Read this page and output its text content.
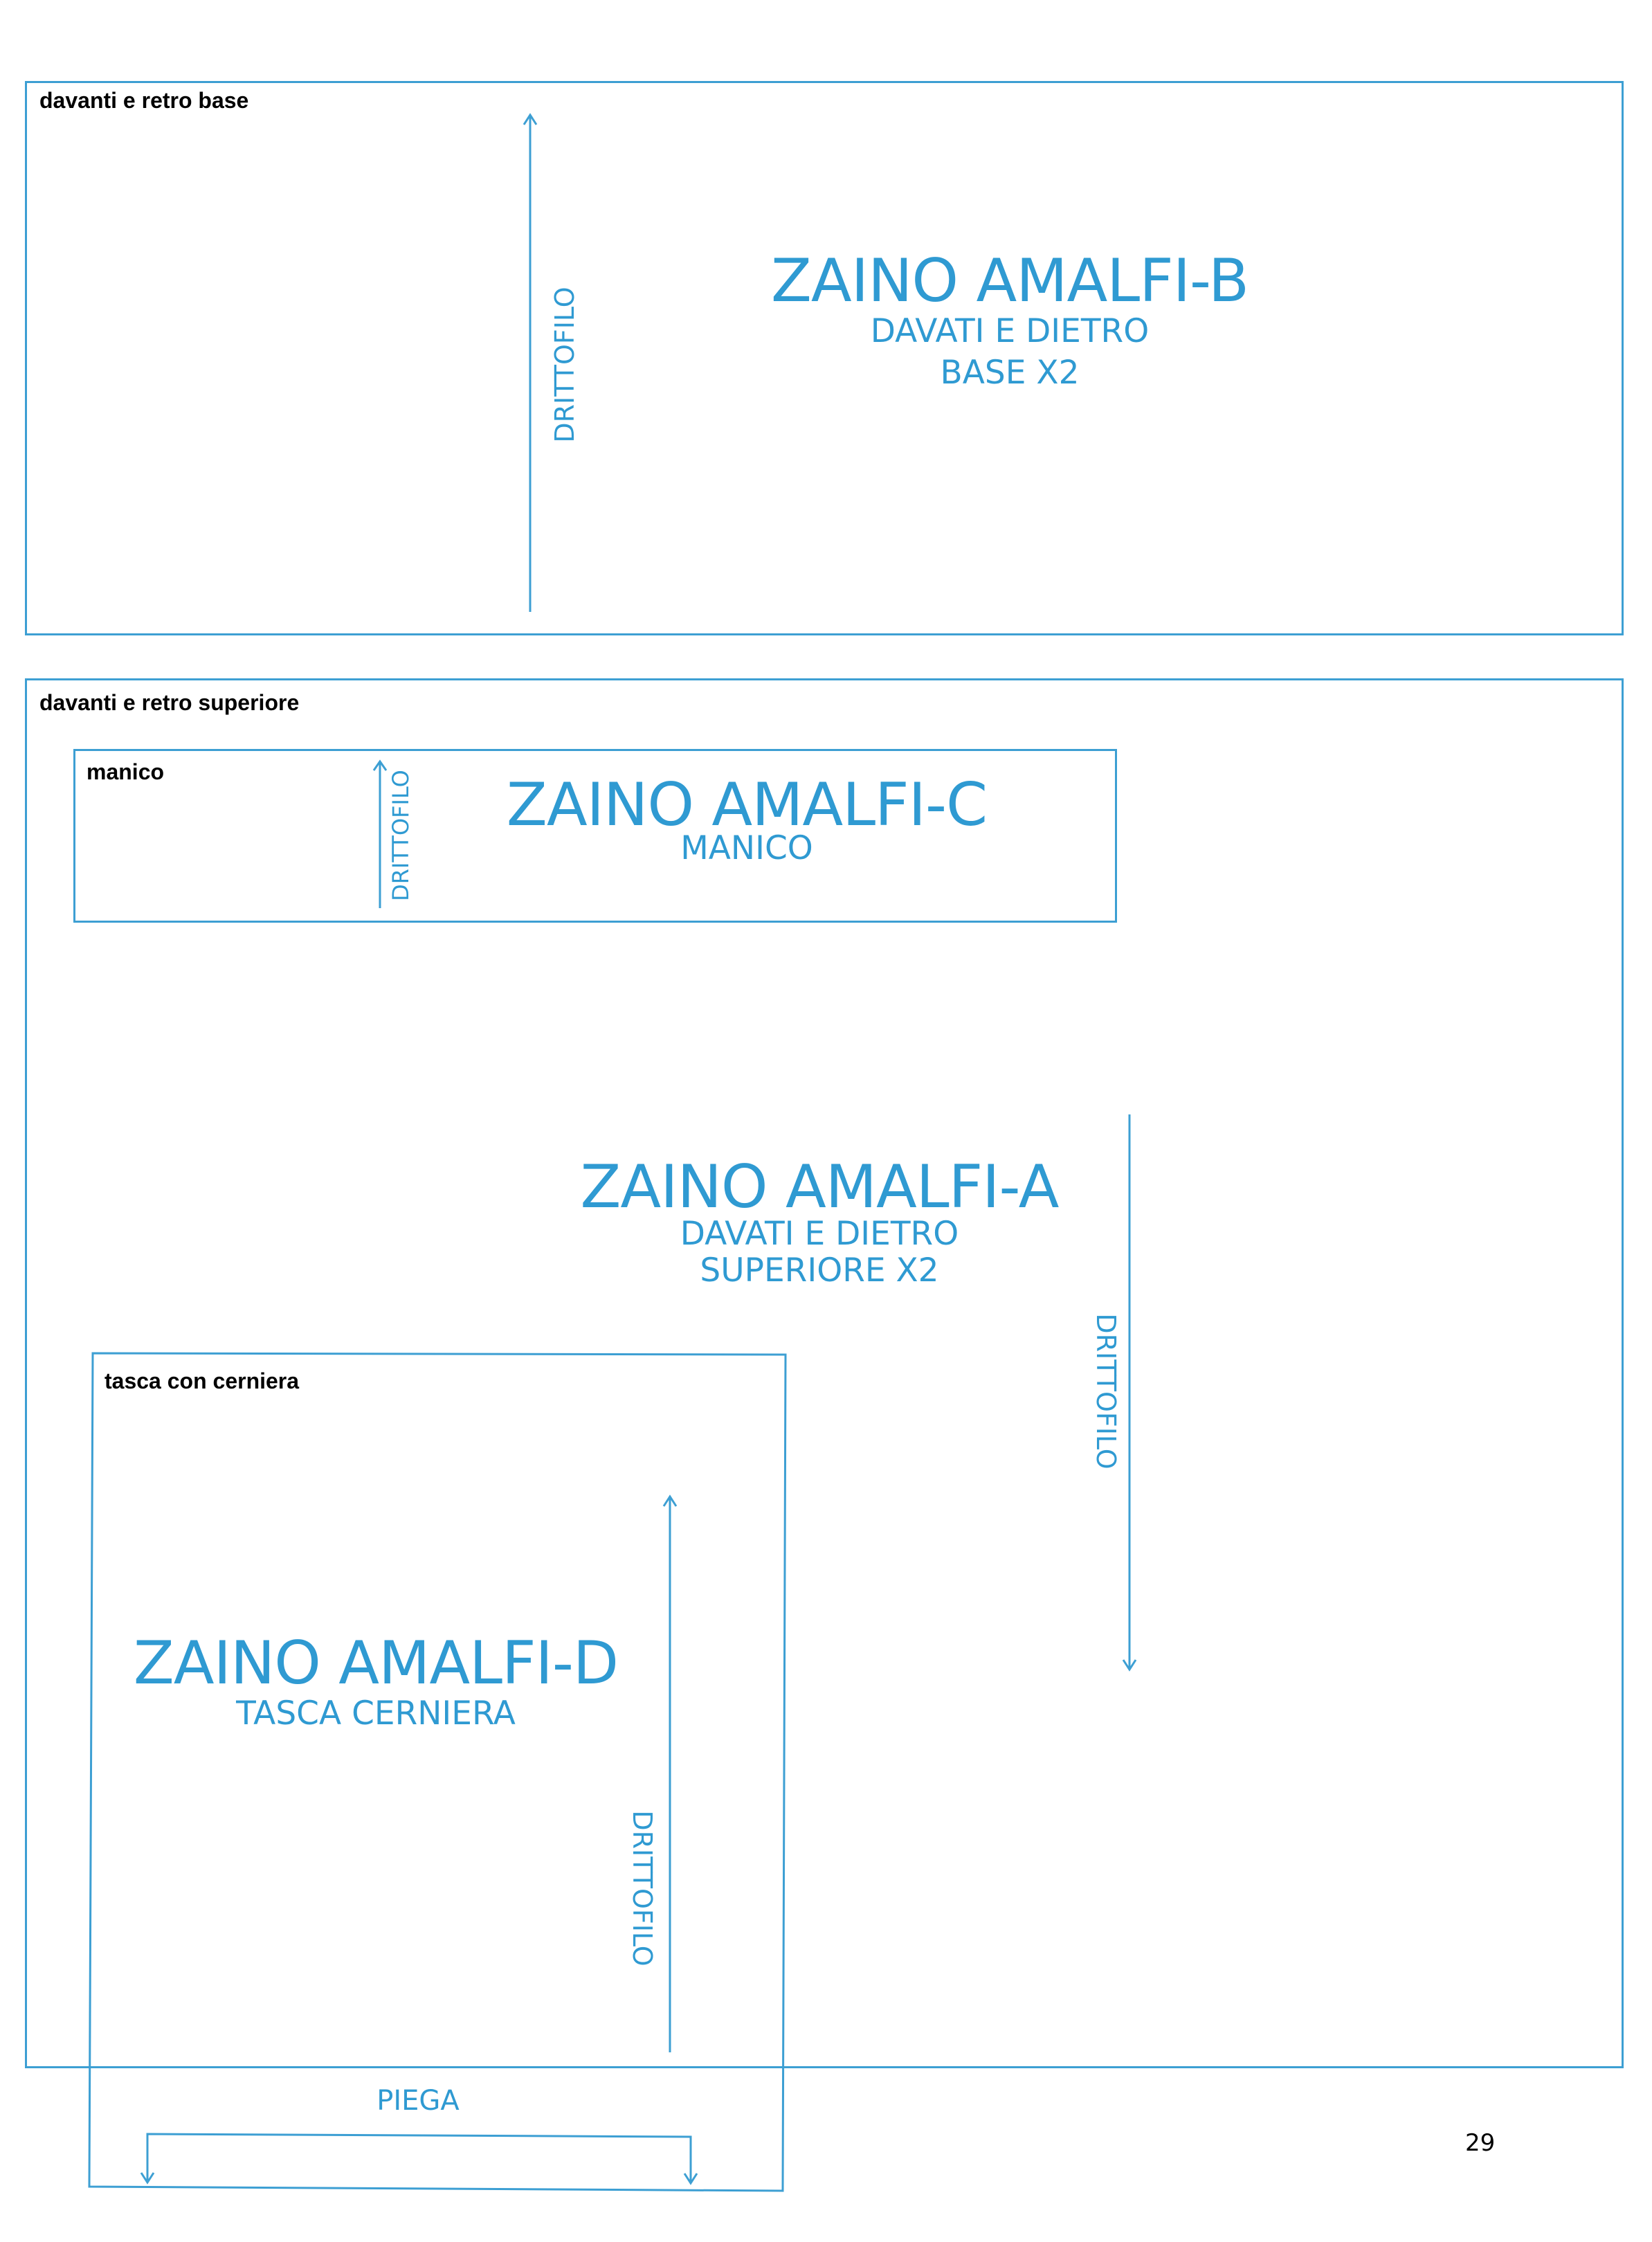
davanti e retro base
ZAINO AMALFI-B
DAVATI E DIETRO
BASE X2
DRITTOFILO
davanti e retro superiore
ZAINO AMALFI-A
DAVATI E DIETRO
SUPERIORE X2
DRITTOFILO
manico	ZAINO AMALFI-C
MANICO
DRITTOFILO
tasca con cerniera
ZAINO AMALFI-D
TASCA CERNIERA
DRITTOFILO
PIEGA
29
